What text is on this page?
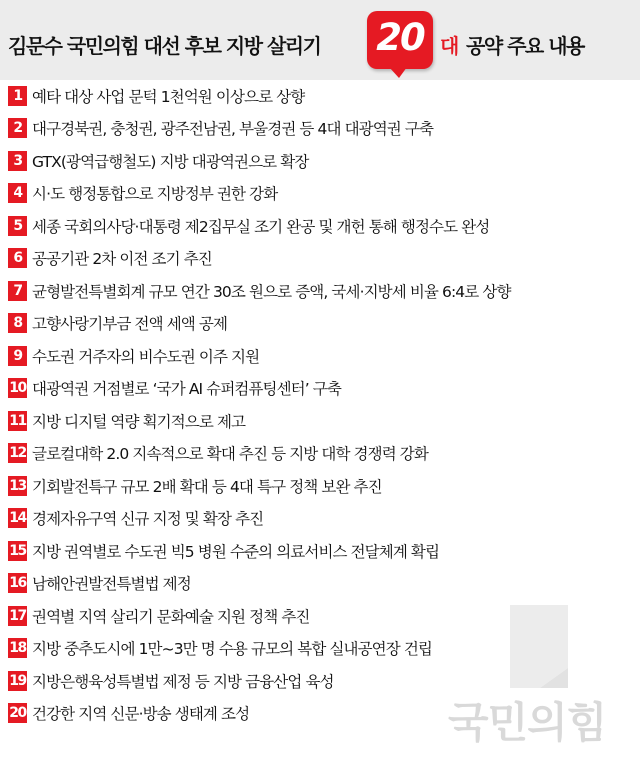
김문수 국민의힘 대선 후보 지방 살리기 20 대 공약 주요 내용
1 예타 대상 사업 문턱 1천억원 이상으로 상향
2 대구경북권, 충청권, 광주전남권, 부울경권 등 4대 대광역권 구축
3 GTX(광역급행철도) 지방 대광역권으로 확장
4 시·도 행정통합으로 지방정부 권한 강화
5 세종 국회의사당·대통령 제2집무실 조기 완공 및 개헌 통해 행정수도 완성
6 공공기관 2차 이전 조기 추진
7 균형발전특별회계 규모 연간 30조 원으로 증액, 국세·지방세 비율 6:4로 상향
8 고향사랑기부금 전액 세액 공제
9 수도권 거주자의 비수도권 이주 지원
10 대광역권 거점별로 ‘국가 AI 슈퍼컴퓨팅센터’ 구축
11 지방 디지털 역량 획기적으로 제고
12 글로컬대학 2.0 지속적으로 확대 추진 등 지방 대학 경쟁력 강화
13 기회발전특구 규모 2배 확대 등 4대 특구 정책 보완 추진
14 경제자유구역 신규 지정 및 확장 추진
15 지방 권역별로 수도권 빅5 병원 수준의 의료서비스 전달체계 확립
16 남해안권발전특별법 제정
17 권역별 지역 살리기 문화예술 지원 정책 추진
18 지방 중추도시에 1만~3만 명 수용 규모의 복합 실내공연장 건립
19 지방은행육성특별법 제정 등 지방 금융산업 육성
20 건강한 지역 신문·방송 생태계 조성	국민의힘
